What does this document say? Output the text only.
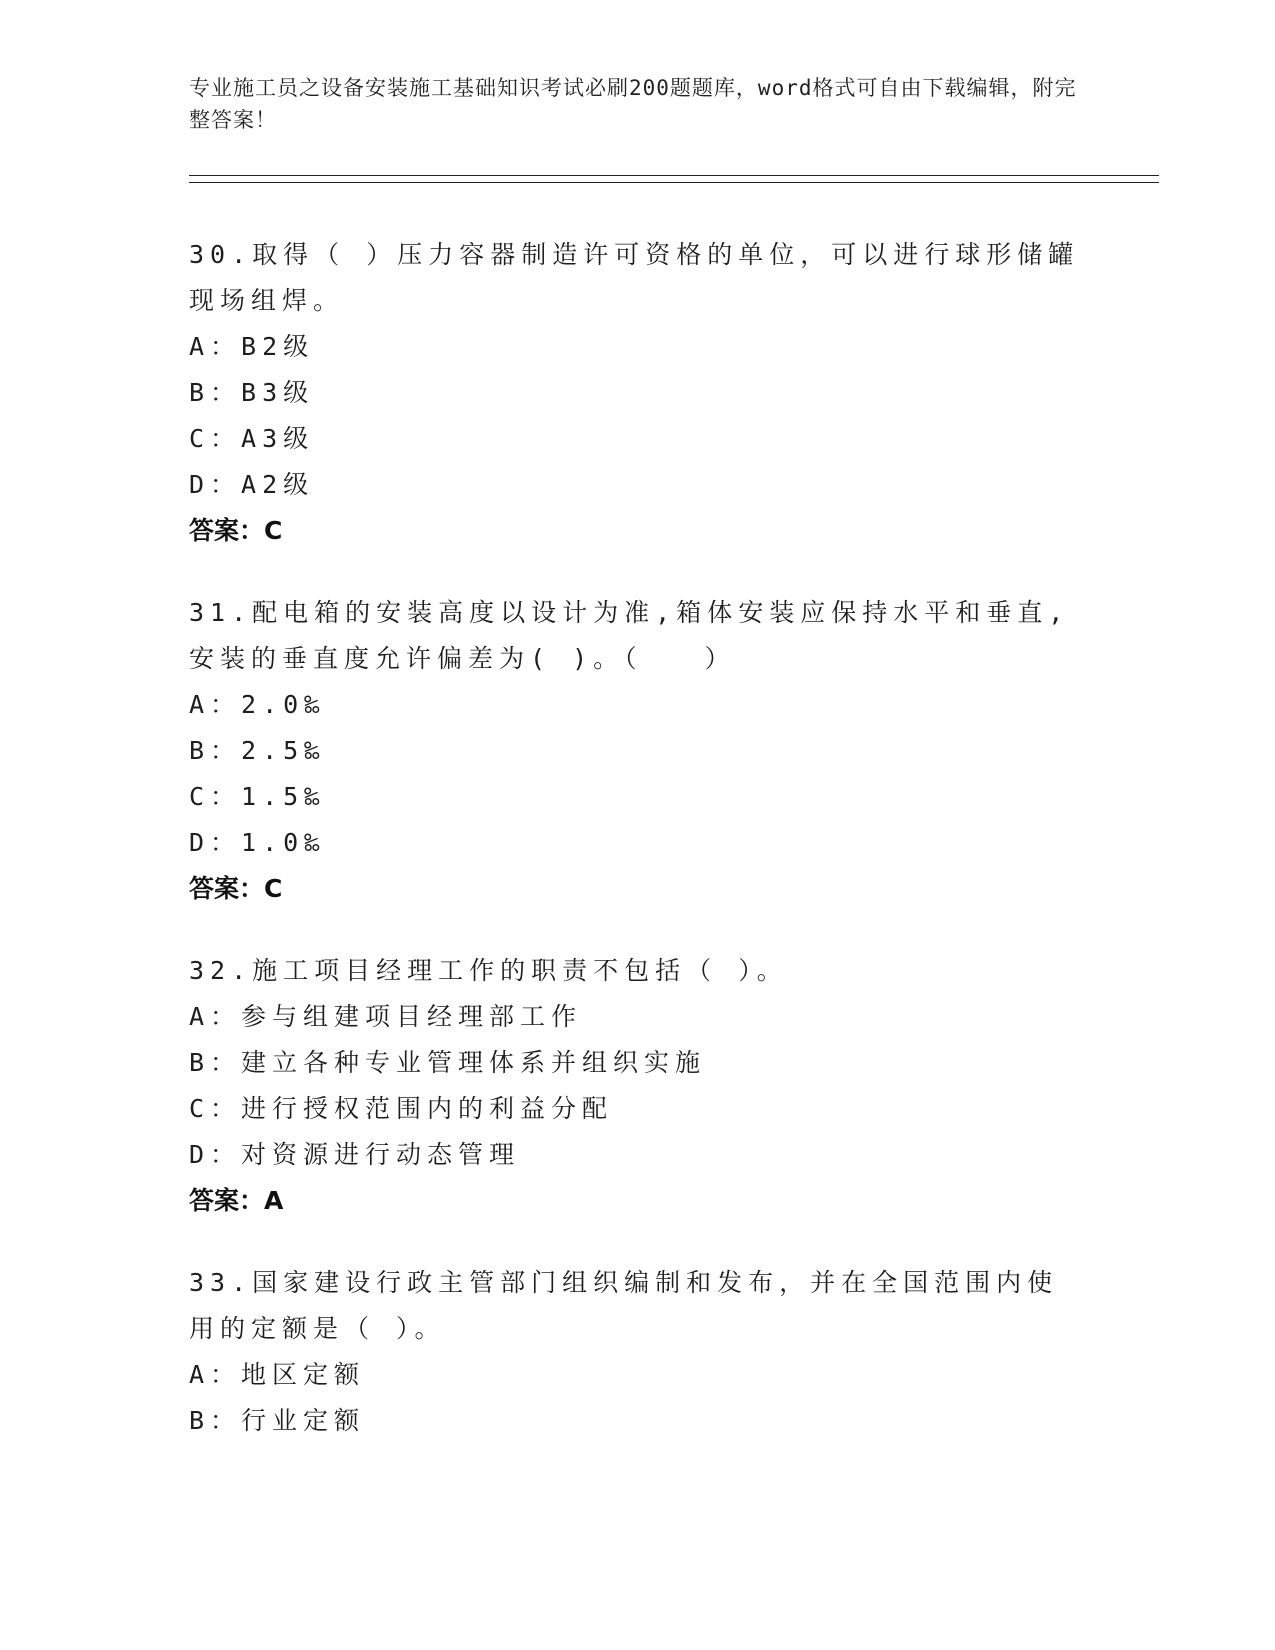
专业施工员之设备安装施工基础知识考试必刷200题题库，word格式可自由下载编辑，附完整答案！

30.取得（ ）压力容器制造许可资格的单位，可以进行球形储罐现场组焊。

A：B2级

B：B3级

C：A3级

D：A2级

答案：C

31.配电箱的安装高度以设计为准,箱体安装应保持水平和垂直,安装的垂直度允许偏差为( )。（　　）

A：2.0‰

B：2.5‰

C：1.5‰

D：1.0‰

答案：C

32.施工项目经理工作的职责不包括（ ）。

A：参与组建项目经理部工作

B：建立各种专业管理体系并组织实施

C：进行授权范围内的利益分配

D：对资源进行动态管理

答案：A

33.国家建设行政主管部门组织编制和发布，并在全国范围内使用的定额是（ ）。

A：地区定额

B：行业定额
